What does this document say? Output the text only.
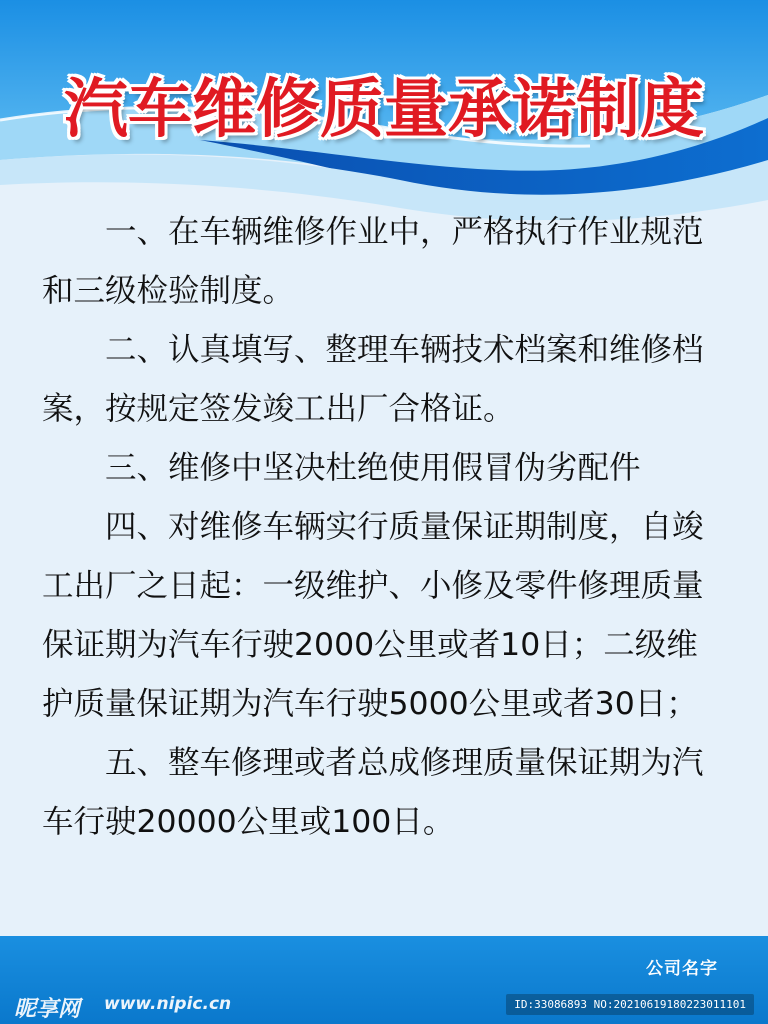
汽车维修质量承诺制度

一、在车辆维修作业中，严格执行作业规范和三级检验制度。

二、认真填写、整理车辆技术档案和维修档案，按规定签发竣工出厂合格证。

三、维修中坚决杜绝使用假冒伪劣配件

四、对维修车辆实行质量保证期制度，自竣工出厂之日起：一级维护、小修及零件修理质量保证期为汽车行驶2000公里或者10日；二级维护质量保证期为汽车行驶5000公里或者30日；

五、整车修理或者总成修理质量保证期为汽车行驶20000公里或100日。

公司名字
昵享网 www.nipic.cn	ID:33086893 NO:20210619180223011101
